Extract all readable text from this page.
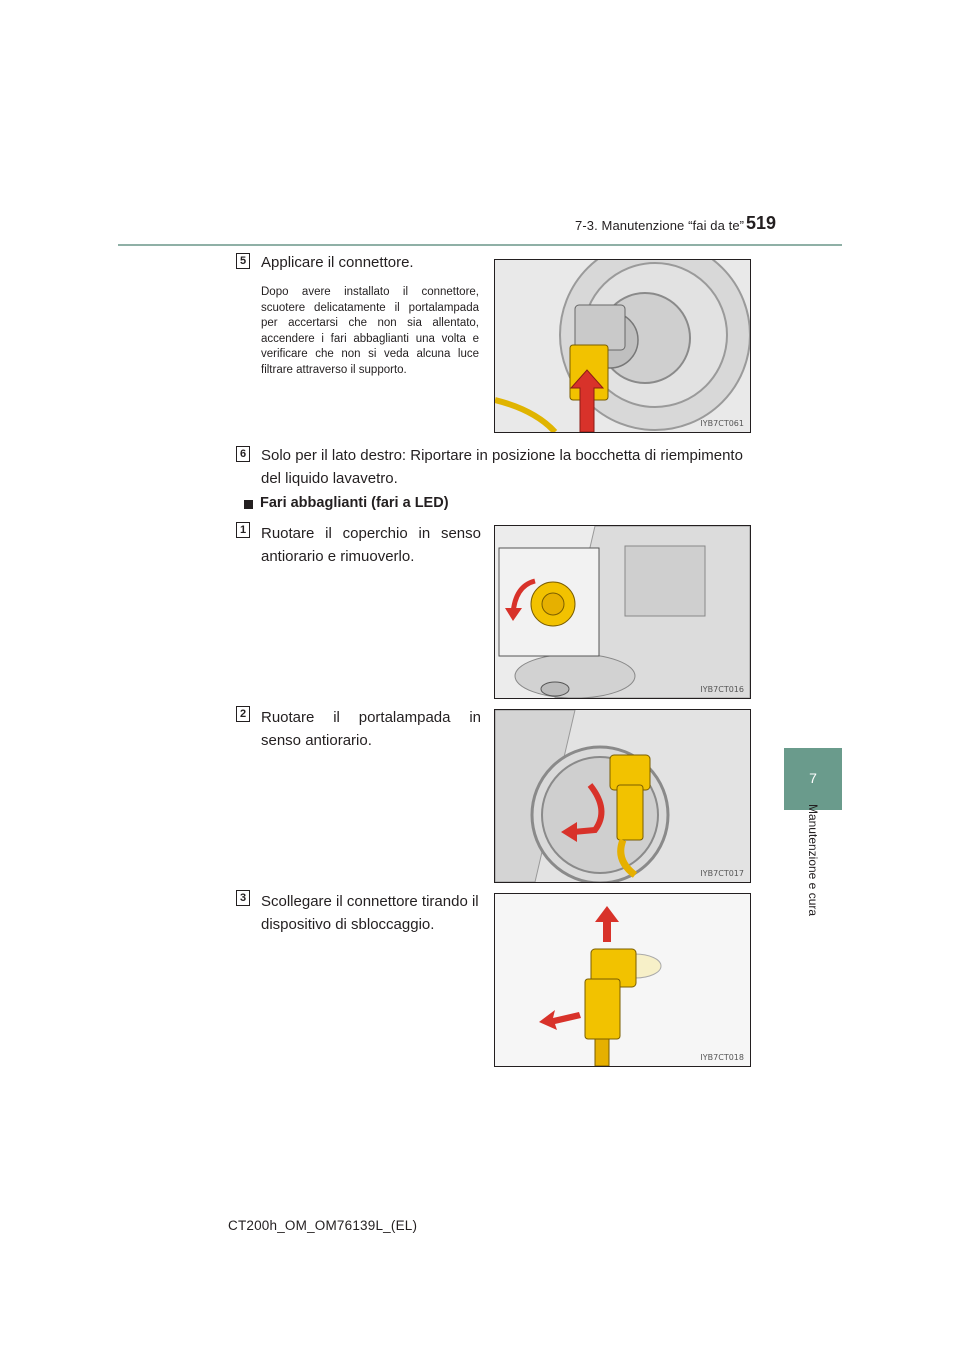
7-3. Manutenzione “fai da te” 519
7
Manutenzione e cura
5 Applicare il connettore.
Dopo avere installato il connettore, scuotere delicatamente il portalampada per accertarsi che non sia allentato, accendere i fari abbaglianti una volta e verificare che non si veda alcuna luce filtrare attraverso il supporto.
IYB7CT061
6 Solo per il lato destro: Riportare in posizione la bocchetta di riempimento del liquido lavavetro.
Fari abbaglianti (fari a LED)
1 Ruotare il coperchio in senso antiorario e rimuoverlo.
IYB7CT016
2 Ruotare il portalampada in senso antiorario.
IYB7CT017
3 Scollegare il connettore tirando il dispositivo di sbloccaggio.
IYB7CT018
CT200h_OM_OM76139L_(EL)
